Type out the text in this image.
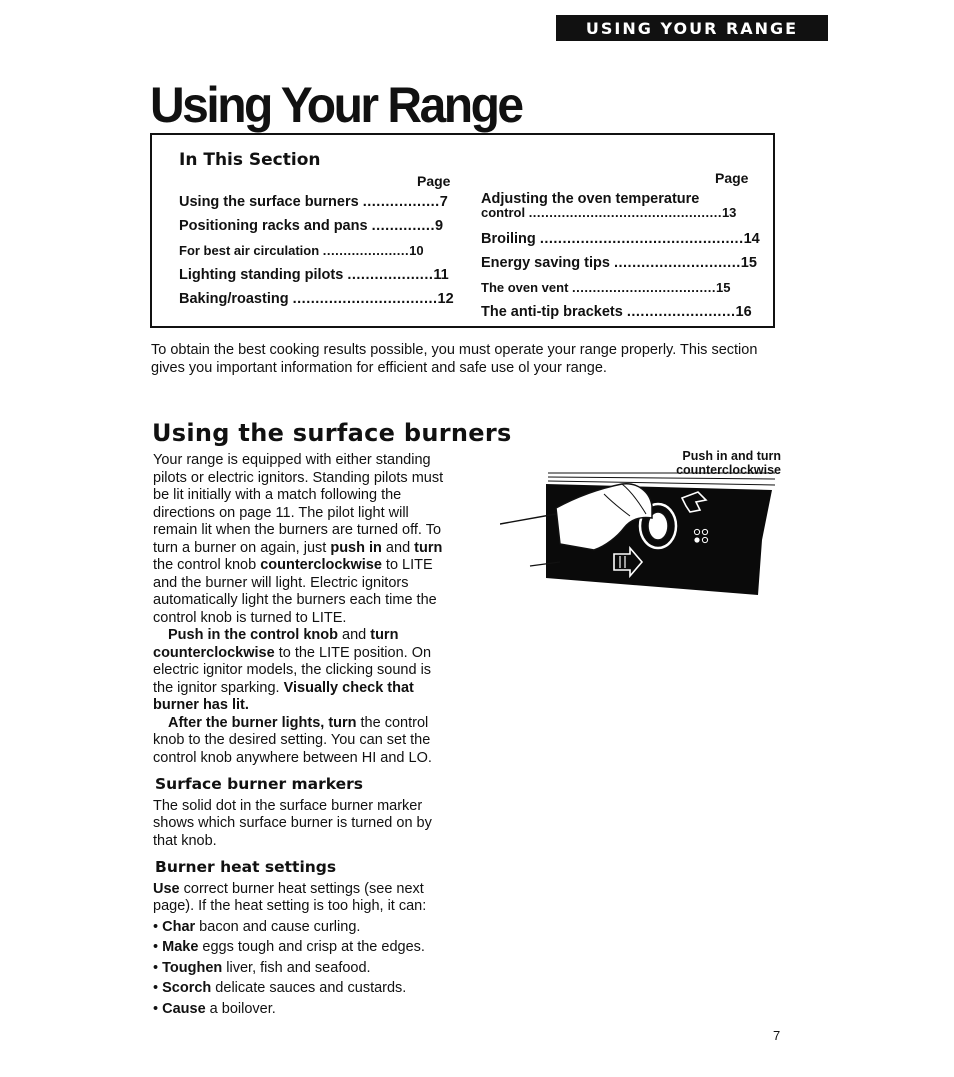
USING YOUR RANGE
Using Your Range
In This Section
Page	Page
Using the surface burners .................7
Positioning racks and pans ..............9
For best air circulation .....................10
Lighting standing pilots ...................11
Baking/roasting ................................12
Adjusting the oven temperature
control ...............................................13
Broiling .............................................14
Energy saving tips ............................15
The oven vent ...................................15
The anti-tip brackets ........................16

To obtain the best cooking results possible, you must operate your range properly. This section gives you important information for efficient and safe use ol your range.

Using the surface burners
Push in and turn counterclockwise

Your range is equipped with either standing pilots or electric ignitors. Standing pilots must be lit initially with a match following the directions on page 11. The pilot light will remain lit when the burners are turned off. To turn a burner on again, just push in and turn the control knob counterclockwise to LITE and the burner will light. Electric ignitors automatically light the burners each time the control knob is turned to LITE.

Push in the control knob and turn counterclockwise to the LITE position. On electric ignitor models, the clicking sound is the ignitor sparking. Visually check that burner has lit.

After the burner lights, turn the control knob to the desired setting. You can set the control knob anywhere between HI and LO.

Surface burner markers

The solid dot in the surface burner marker shows which surface burner is turned on by that knob.

Burner heat settings

Use correct burner heat settings (see next page). If the heat setting is too high, it can:

• Char bacon and cause curling.
• Make eggs tough and crisp at the edges.
• Toughen liver, fish and seafood.
• Scorch delicate sauces and custards.
• Cause a boilover.
7
